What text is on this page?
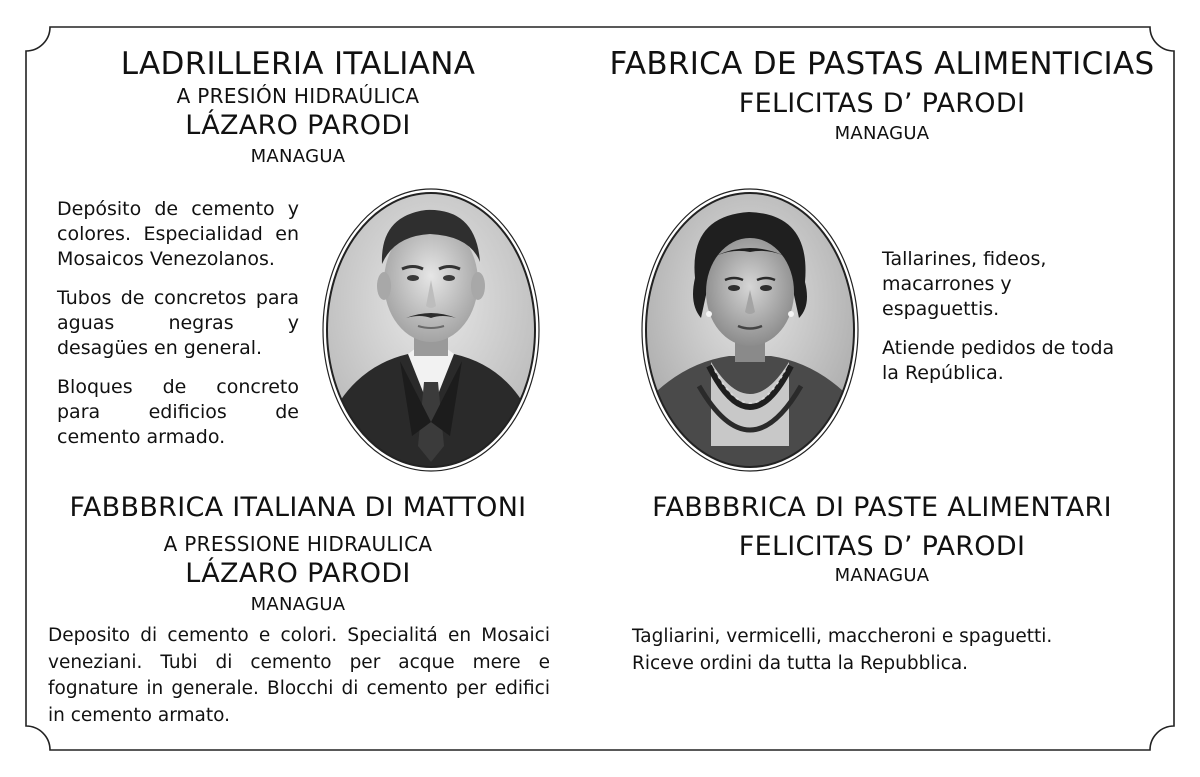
LADRILLERIA ITALIANA
A PRESIÓN HIDRAÚLICA
LÁZARO PARODI
MANAGUA

Depósito de cemento y colores. Especialidad en Mosaicos Venezolanos.

Tubos de concretos para aguas negras y desagües en general.

Bloques de concreto para edificios de cemento armado.

FABRICA DE PASTAS ALIMENTICIAS
FELICITAS D’ PARODI
MANAGUA

Tallarines, fideos, macarrones y espaguettis.

Atiende pedidos de toda la República.

FABBBRICA ITALIANA DI MATTONI
A PRESSIONE HIDRAULICA
LÁZARO PARODI
MANAGUA

Deposito di cemento e colori. Specialitá en Mosaici veneziani. Tubi di cemento per acque mere e fognature in generale. Blocchi di cemento per edifici in cemento armato.

FABBBRICA DI PASTE ALIMENTARI
FELICITAS D’ PARODI
MANAGUA

Tagliarini, vermicelli, maccheroni e spaguetti.

Riceve ordini da tutta la Repubblica.
